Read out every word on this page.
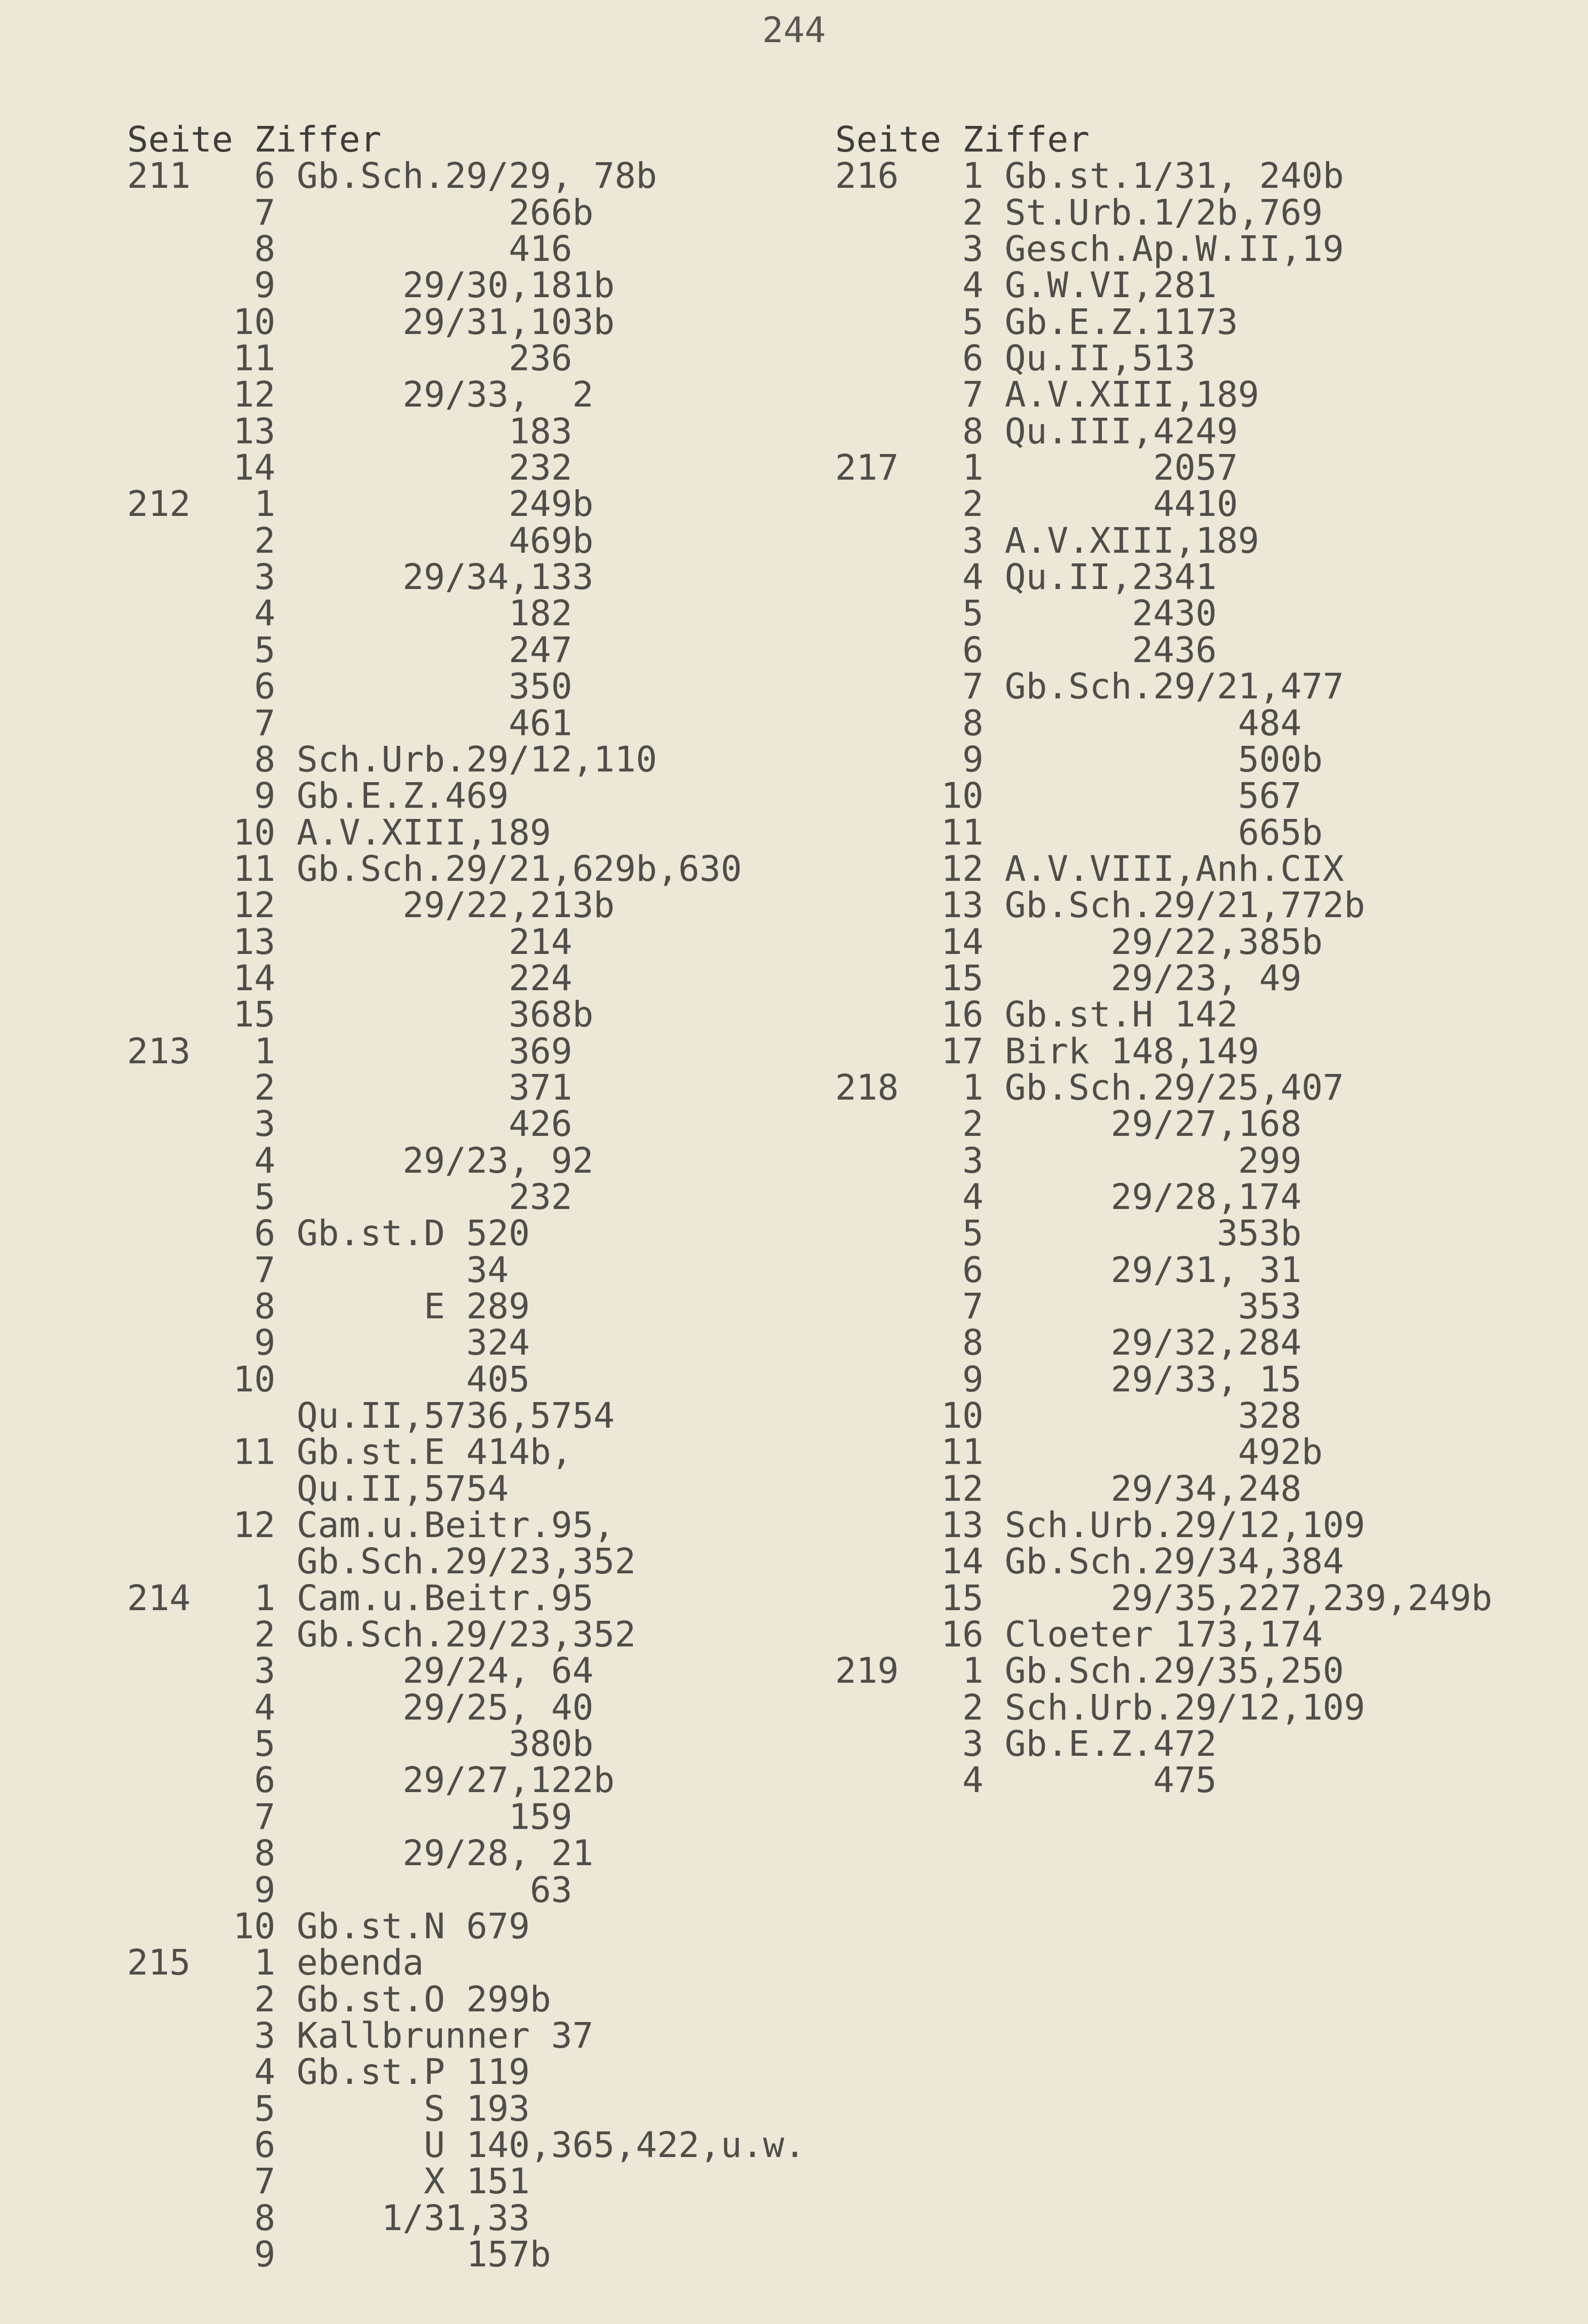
244
Seite Ziffer
211   6 Gb.Sch.29/29, 78b
7           266b
8           416
9      29/30,181b
10      29/31,103b
11           236
12      29/33,  2
13           183
14           232
212   1           249b
2           469b
3      29/34,133
4           182
5           247
6           350
7           461
8 Sch.Urb.29/12,110
9 Gb.E.Z.469
10 A.V.XIII,189
11 Gb.Sch.29/21,629b,630
12      29/22,213b
13           214
14           224
15           368b
213   1           369
2           371
3           426
4      29/23, 92
5           232
6 Gb.st.D 520
7         34
8       E 289
9         324
10         405
Qu.II,5736,5754
11 Gb.st.E 414b,
Qu.II,5754
12 Cam.u.Beitr.95,
Gb.Sch.29/23,352
214   1 Cam.u.Beitr.95
2 Gb.Sch.29/23,352
3      29/24, 64
4      29/25, 40
5           380b
6      29/27,122b
7           159
8      29/28, 21
9            63
10 Gb.st.N 679
215   1 ebenda
2 Gb.st.O 299b
3 Kallbrunner 37
4 Gb.st.P 119
5       S 193
6       U 140,365,422,u.w.
7       X 151
8     1/31,33
9         157b
Seite Ziffer
216   1 Gb.st.1/31, 240b
2 St.Urb.1/2b,769
3 Gesch.Ap.W.II,19
4 G.W.VI,281
5 Gb.E.Z.1173
6 Qu.II,513
7 A.V.XIII,189
8 Qu.III,4249
217   1        2057
2        4410
3 A.V.XIII,189
4 Qu.II,2341
5       2430
6       2436
7 Gb.Sch.29/21,477
8            484
9            500b
10            567
11            665b
12 A.V.VIII,Anh.CIX
13 Gb.Sch.29/21,772b
14      29/22,385b
15      29/23, 49
16 Gb.st.H 142
17 Birk 148,149
218   1 Gb.Sch.29/25,407
2      29/27,168
3            299
4      29/28,174
5           353b
6      29/31, 31
7            353
8      29/32,284
9      29/33, 15
10            328
11            492b
12      29/34,248
13 Sch.Urb.29/12,109
14 Gb.Sch.29/34,384
15      29/35,227,239,249b
16 Cloeter 173,174
219   1 Gb.Sch.29/35,250
2 Sch.Urb.29/12,109
3 Gb.E.Z.472
4        475
